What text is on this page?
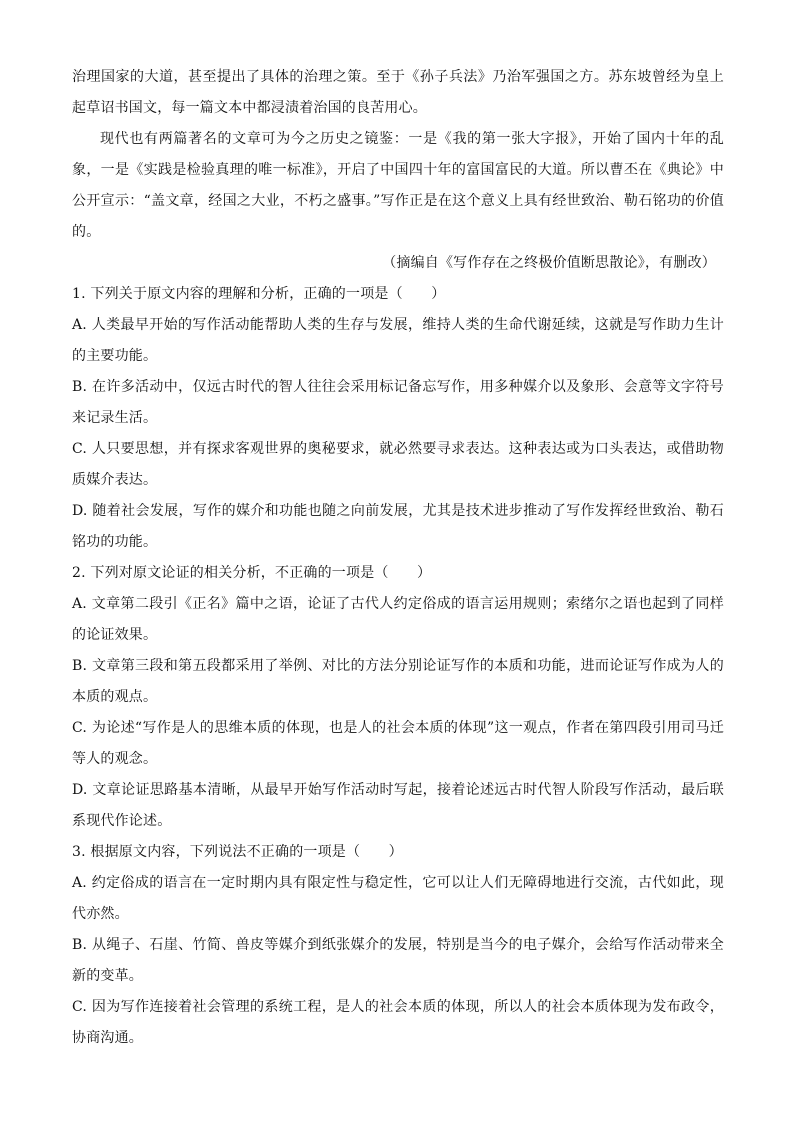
治理国家的大道，甚至提出了具体的治理之策。至于《孙子兵法》乃治军强国之方。苏东坡曾经为皇上起草诏书国文，每一篇文本中都浸渍着治国的良苦用心。

现代也有两篇著名的文章可为今之历史之镜鉴：一是《我的第一张大字报》，开始了国内十年的乱象，一是《实践是检验真理的唯一标准》，开启了中国四十年的富国富民的大道。所以曹丕在《典论》中公开宣示：“盖文章，经国之大业，不朽之盛事。”写作正是在这个意义上具有经世致治、勒石铭功的价值的。

（摘编自《写作存在之终极价值断思散论》，有删改）

1. 下列关于原文内容的理解和分析，正确的一项是（　　）

A. 人类最早开始的写作活动能帮助人类的生存与发展，维持人类的生命代谢延续，这就是写作助力生计的主要功能。

B. 在许多活动中，仅远古时代的智人往往会采用标记备忘写作，用多种媒介以及象形、会意等文字符号来记录生活。

C. 人只要思想，并有探求客观世界的奥秘要求，就必然要寻求表达。这种表达或为口头表达，或借助物质媒介表达。

D. 随着社会发展，写作的媒介和功能也随之向前发展，尤其是技术进步推动了写作发挥经世致治、勒石铭功的功能。

2. 下列对原文论证的相关分析，不正确的一项是（　　）

A. 文章第二段引《正名》篇中之语，论证了古代人约定俗成的语言运用规则；索绪尔之语也起到了同样的论证效果。

B. 文章第三段和第五段都采用了举例、对比的方法分别论证写作的本质和功能，进而论证写作成为人的本质的观点。

C. 为论述“写作是人的思维本质的体现，也是人的社会本质的体现”这一观点，作者在第四段引用司马迁等人的观念。

D. 文章论证思路基本清晰，从最早开始写作活动时写起，接着论述远古时代智人阶段写作活动，最后联系现代作论述。

3. 根据原文内容，下列说法不正确的一项是（　　）

A. 约定俗成的语言在一定时期内具有限定性与稳定性，它可以让人们无障碍地进行交流，古代如此，现代亦然。

B. 从绳子、石崖、竹简、兽皮等媒介到纸张媒介的发展，特别是当今的电子媒介，会给写作活动带来全新的变革。

C. 因为写作连接着社会管理的系统工程，是人的社会本质的体现，所以人的社会本质体现为发布政令，协商沟通。
